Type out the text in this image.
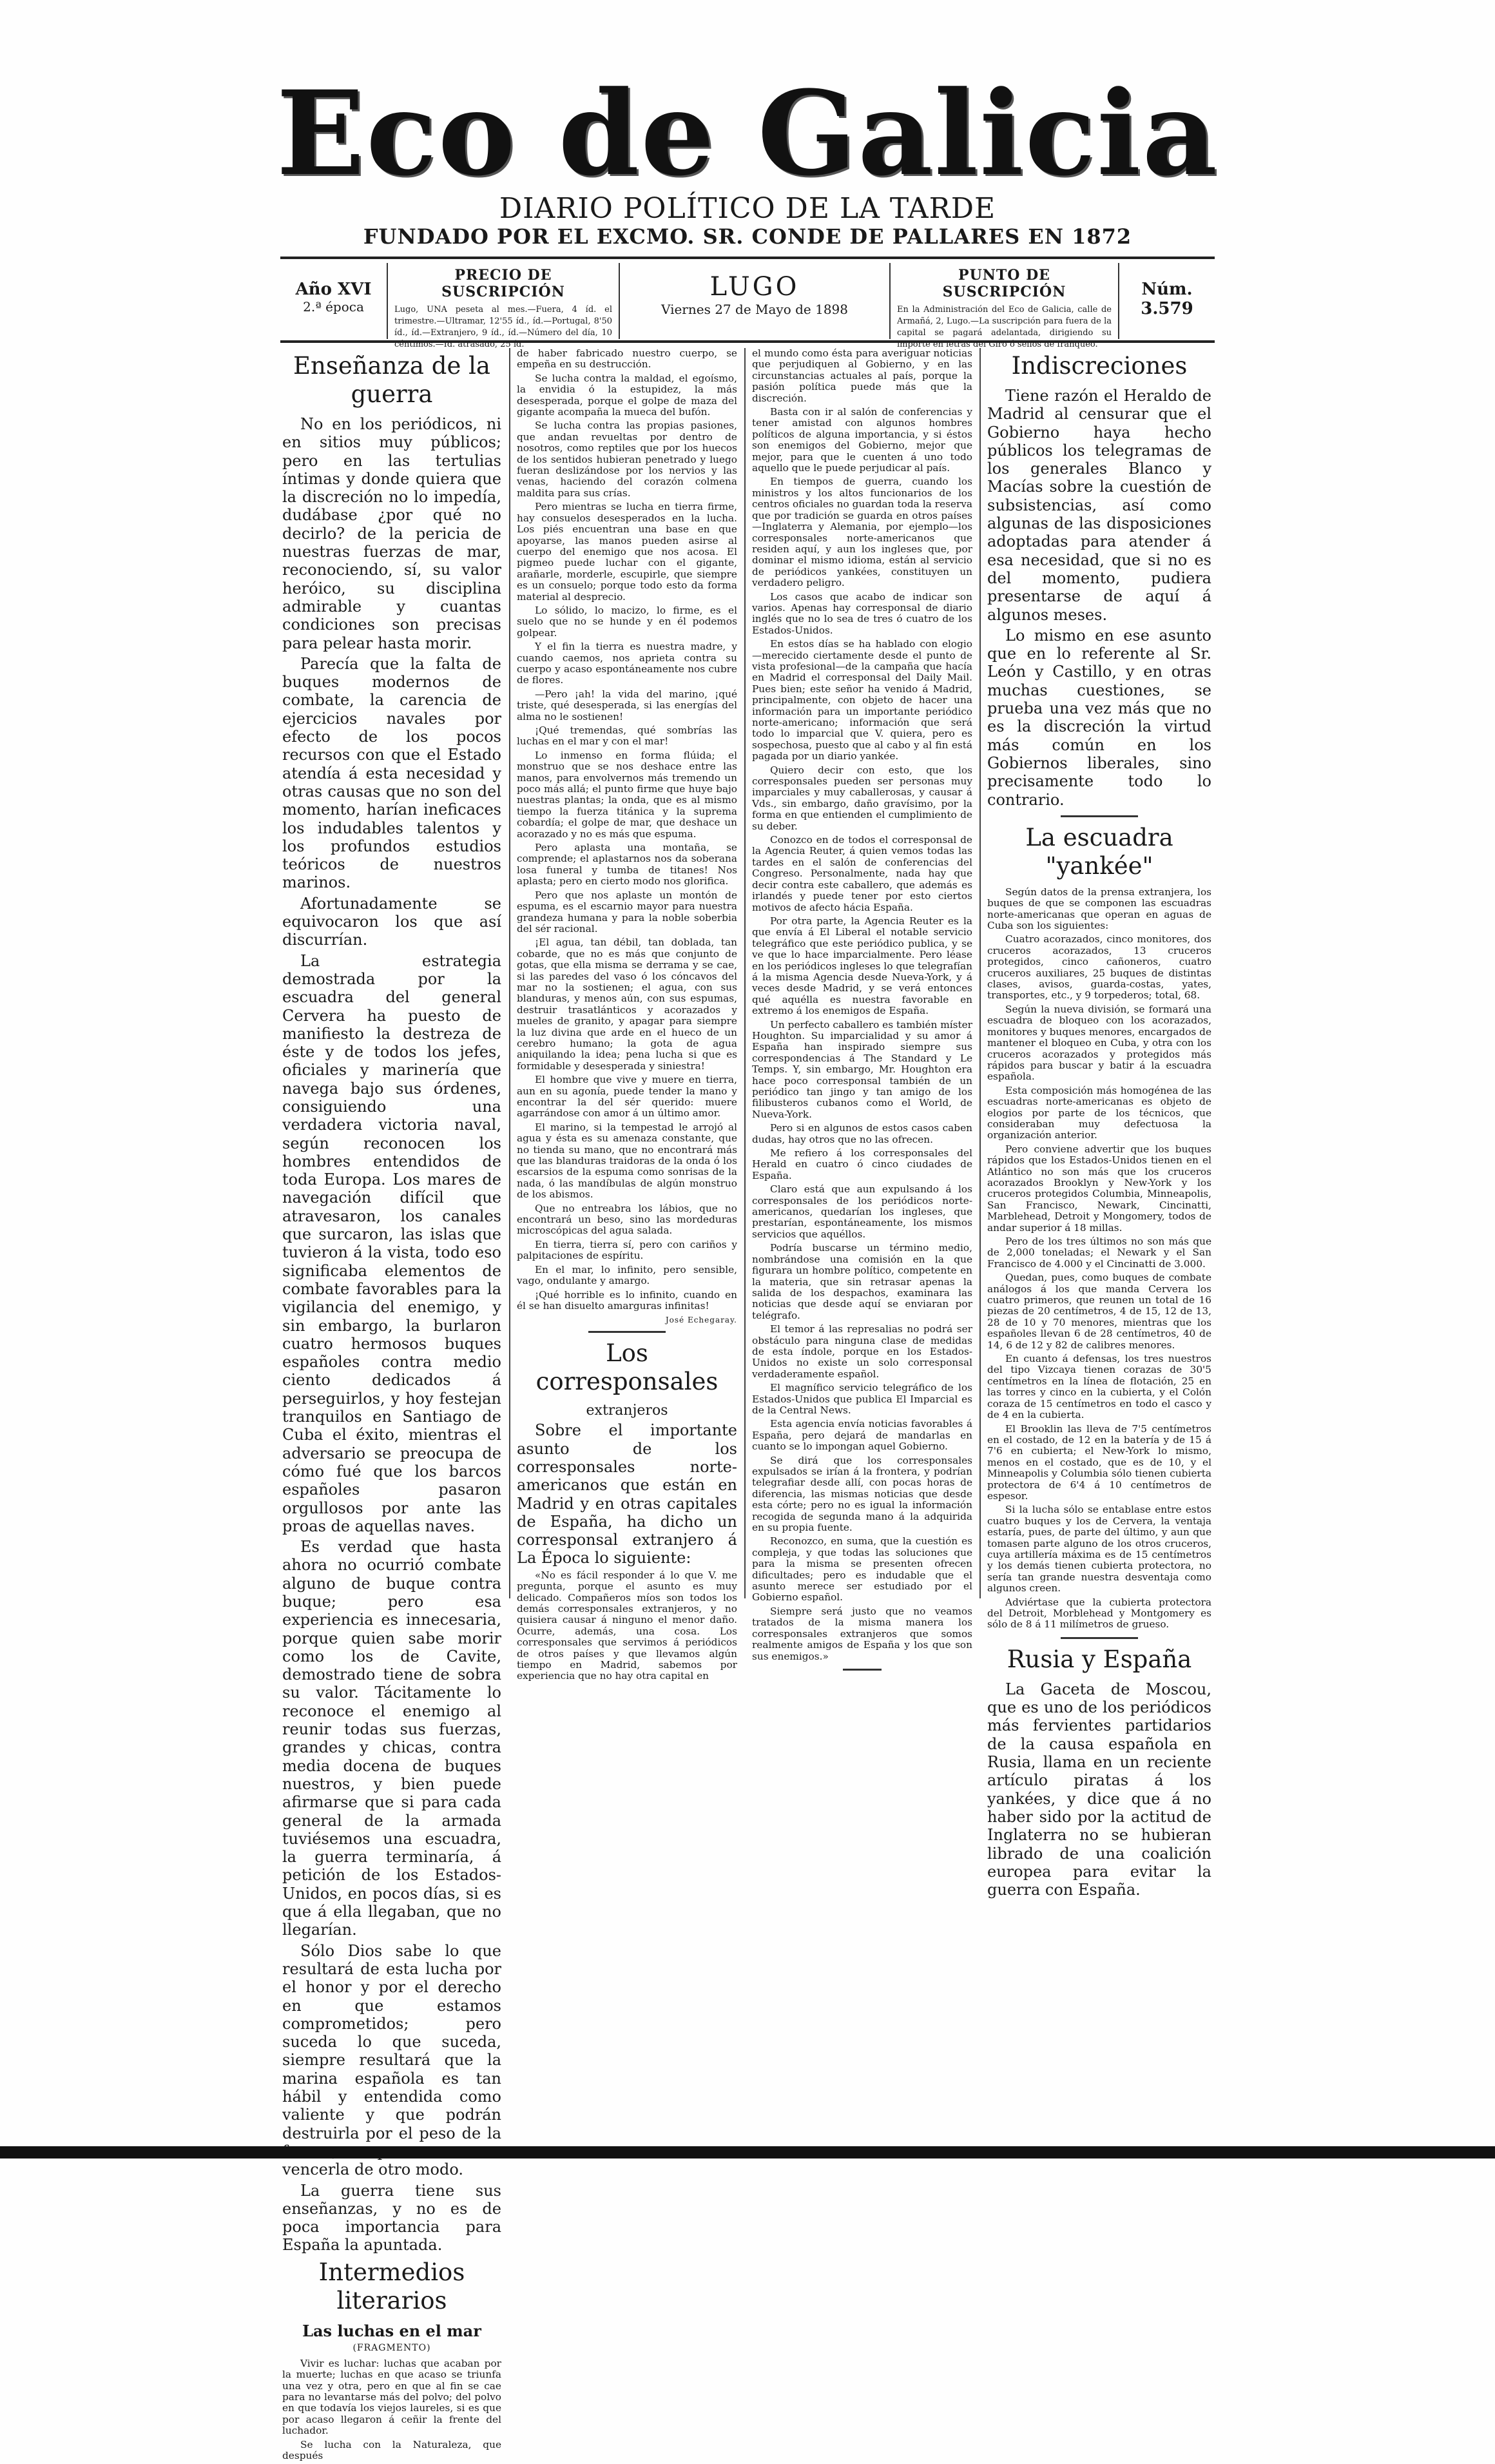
Eco de Galicia
DIARIO POLÍTICO DE LA TARDE
FUNDADO POR EL EXCMO. SR. CONDE DE PALLARES EN 1872
Año XVI
2.ª época
PRECIO DE SUSCRIPCIÓN
Lugo, UNA peseta al mes.—Fuera, 4 íd. el trimestre.—Ultramar, 12'55 íd., íd.—Portugal, 8'50 íd., íd.—Extranjero, 9 íd., íd.—Número del día, 10 céntimos.—Id. atrasado, 25 íd.
LUGO
Viernes 27 de Mayo de 1898
PUNTO DE SUSCRIPCIÓN
En la Administración del Eco de Galicia, calle de Armañá, 2, Lugo.—La suscripción para fuera de la capital se pagará adelantada, dirigiendo su importe en letras del Giro ó sellos de franqueo.
Núm. 3.579
Enseñanza de la guerra
No en los periódicos, ni en sitios muy públicos; pero en las tertulias íntimas y donde quiera que la discreción no lo impedía, dudábase ¿por qué no decirlo? de la pericia de nuestras fuerzas de mar, reconociendo, sí, su valor heróico, su disciplina admirable y cuantas condiciones son precisas para pelear hasta morir.
Parecía que la falta de buques modernos de combate, la carencia de ejercicios navales por efecto de los pocos recursos con que el Estado atendía á esta necesidad y otras causas que no son del momento, harían ineficaces los indudables talentos y los profundos estudios teóricos de nuestros marinos.
Afortunadamente se equivocaron los que así discurrían.
La estrategia demostrada por la escuadra del general Cervera ha puesto de manifiesto la destreza de éste y de todos los jefes, oficiales y marinería que navega bajo sus órdenes, consiguiendo una verdadera victoria naval, según reconocen los hombres entendidos de toda Europa. Los mares de navegación difícil que atravesaron, los canales que surcaron, las islas que tuvieron á la vista, todo eso significaba elementos de combate favorables para la vigilancia del enemigo, y sin embargo, la burlaron cuatro hermosos buques españoles contra medio ciento dedicados á perseguirlos, y hoy festejan tranquilos en Santiago de Cuba el éxito, mientras el adversario se preocupa de cómo fué que los barcos españoles pasaron orgullosos por ante las proas de aquellas naves.
Es verdad que hasta ahora no ocurrió combate alguno de buque contra buque; pero esa experiencia es innecesaria, porque quien sabe morir como los de Cavite, demostrado tiene de sobra su valor. Tácitamente lo reconoce el enemigo al reunir todas sus fuerzas, grandes y chicas, contra media docena de buques nuestros, y bien puede afirmarse que si para cada general de la armada tuviésemos una escuadra, la guerra terminaría, á petición de los Estados-Unidos, en pocos días, si es que á ella llegaban, que no llegarían.
Sólo Dios sabe lo que resultará de esta lucha por el honor y por el derecho en que estamos comprometidos; pero suceda lo que suceda, siempre resultará que la marina española es tan hábil y entendida como valiente y que podrán destruirla por el peso de la vencerla de otro modo.
La guerra tiene sus enseñanzas, y no es de poca importancia para España la apuntada.
Intermedios literarios
Las luchas en el mar
(FRAGMENTO)
Vivir es luchar: luchas que acaban por la muerte; luchas en que acaso se triunfa una vez y otra, pero en que al fin se cae para no levantarse más del polvo; del polvo en que todavía los viejos laureles, si es que por acaso llegaron á ceñir la frente del luchador.
Se lucha con la Naturaleza, que después
de haber fabricado nuestro cuerpo, se empeña en su destrucción.
Se lucha contra la maldad, el egoísmo, la envidia ó la estupidez, la más desesperada, porque el golpe de maza del gigante acompaña la mueca del bufón.
Se lucha contra las propias pasiones, que andan revueltas por dentro de nosotros, como reptiles que por los huecos de los sentidos hubieran penetrado y luego fueran deslizándose por los nervios y las venas, haciendo del corazón colmena maldita para sus crías.
Pero mientras se lucha en tierra firme, hay consuelos desesperados en la lucha. Los piés encuentran una base en que apoyarse, las manos pueden asirse al cuerpo del enemigo que nos acosa. El pigmeo puede luchar con el gigante, arañarle, morderle, escupirle, que siempre es un consuelo; porque todo esto da forma material al desprecio.
Lo sólido, lo macizo, lo firme, es el suelo que no se hunde y en él podemos golpear.
Y el fin la tierra es nuestra madre, y cuando caemos, nos aprieta contra su cuerpo y acaso espontáneamente nos cubre de flores.
—Pero ¡ah! la vida del marino, ¡qué triste, qué desesperada, si las energías del alma no le sostienen!
¡Qué tremendas, qué sombrías las luchas en el mar y con el mar!
Lo inmenso en forma flúida; el monstruo que se nos deshace entre las manos, para envolvernos más tremendo un poco más allá; el punto firme que huye bajo nuestras plantas; la onda, que es al mismo tiempo la fuerza titánica y la suprema cobardía; el golpe de mar, que deshace un acorazado y no es más que espuma.
Pero aplasta una montaña, se comprende; el aplastarnos nos da soberana losa funeral y tumba de titanes! Nos aplasta; pero en cierto modo nos glorifica.
Pero que nos aplaste un montón de espuma, es el escarnio mayor para nuestra grandeza humana y para la noble soberbia del sér racional.
¡El agua, tan débil, tan doblada, tan cobarde, que no es más que conjunto de gotas, que ella misma se derrama y se cae, si las paredes del vaso ó los cóncavos del mar no la sostienen; el agua, con sus blanduras, y menos aún, con sus espumas, destruir trasatlánticos y acorazados y mueles de granito, y apagar para siempre la luz divina que arde en el hueco de un cerebro humano; la gota de agua aniquilando la idea; pena lucha si que es formidable y desesperada y siniestra!
El hombre que vive y muere en tierra, aun en su agonía, puede tender la mano y encontrar la del sér querido: muere agarrándose con amor á un último amor.
El marino, si la tempestad le arrojó al agua y ésta es su amenaza constante, que no tienda su mano, que no encontrará más que las blanduras traidoras de la onda ó los escarsios de la espuma como sonrisas de la nada, ó las mandíbulas de algún monstruo de los abismos.
Que no entreabra los lábios, que no encontrará un beso, sino las mordeduras microscópicas del agua salada.
En tierra, tierra sí, pero con cariños y palpitaciones de espíritu.
En el mar, lo infinito, pero sensible, vago, ondulante y amargo.
¡Qué horrible es lo infinito, cuando en él se han disuelto amarguras infinitas!
José Echegaray.
Los corresponsales
extranjeros
Sobre el importante asunto de los corresponsales norte-americanos que están en Madrid y en otras capitales de España, ha dicho un corresponsal extranjero á La Época lo siguiente:
«No es fácil responder á lo que V. me pregunta, porque el asunto es muy delicado. Compañeros míos son todos los demás corresponsales extranjeros, y no quisiera causar á ninguno el menor daño. Ocurre, además, una cosa. Los corresponsales que servimos á periódicos de otros países y que llevamos algún tiempo en Madrid, sabemos por experiencia que no hay otra capital en
el mundo como ésta para averiguar noticias que perjudiquen al Gobierno, y en las circunstancias actuales al país, porque la pasión política puede más que la discreción.
Basta con ir al salón de conferencias y tener amistad con algunos hombres políticos de alguna importancia, y si éstos son enemigos del Gobierno, mejor que mejor, para que le cuenten á uno todo aquello que le puede perjudicar al país.
En tiempos de guerra, cuando los ministros y los altos funcionarios de los centros oficiales no guardan toda la reserva que por tradición se guarda en otros países—Inglaterra y Alemania, por ejemplo—los corresponsales norte-americanos que residen aquí, y aun los ingleses que, por dominar el mismo idioma, están al servicio de periódicos yankées, constituyen un verdadero peligro.
Los casos que acabo de indicar son varios. Apenas hay corresponsal de diario inglés que no lo sea de tres ó cuatro de los Estados-Unidos.
En estos días se ha hablado con elogio—merecido ciertamente desde el punto de vista profesional—de la campaña que hacía en Madrid el corresponsal del Daily Mail. Pues bien; este señor ha venido á Madrid, principalmente, con objeto de hacer una información para un importante periódico norte-americano; información que será todo lo imparcial que V. quiera, pero es sospechosa, puesto que al cabo y al fin está pagada por un diario yankée.
Quiero decir con esto, que los corresponsales pueden ser personas muy imparciales y muy caballerosas, y causar á Vds., sin embargo, daño gravísimo, por la forma en que entienden el cumplimiento de su deber.
Conozco en de todos el corresponsal de la Agencia Reuter, á quien vemos todas las tardes en el salón de conferencias del Congreso. Personalmente, nada hay que decir contra este caballero, que además es irlandés y puede tener por esto ciertos motivos de afecto hácia España.
Por otra parte, la Agencia Reuter es la que envía á El Liberal el notable servicio telegráfico que este periódico publica, y se ve que lo hace imparcialmente. Pero léase en los periódicos ingleses lo que telegrafían á la misma Agencia desde Nueva-York, y á veces desde Madrid, y se verá entonces qué aquélla es nuestra favorable en extremo á los enemigos de España.
Un perfecto caballero es también míster Houghton. Su imparcialidad y su amor á España han inspirado siempre sus correspondencias á The Standard y Le Temps. Y, sin embargo, Mr. Houghton era hace poco corresponsal también de un periódico tan jingo y tan amigo de los filibusteros cubanos como el World, de Nueva-York.
Pero si en algunos de estos casos caben dudas, hay otros que no las ofrecen.
Me refiero á los corresponsales del Herald en cuatro ó cinco ciudades de España.
Claro está que aun expulsando á los corresponsales de los periódicos norte-americanos, quedarían los ingleses, que prestarían, espontáneamente, los mismos servicios que aquéllos.
Podría buscarse un término medio, nombrándose una comisión en la que figurara un hombre político, competente en la materia, que sin retrasar apenas la salida de los despachos, examinara las noticias que desde aquí se enviaran por telégrafo.
El temor á las represalias no podrá ser obstáculo para ninguna clase de medidas de esta índole, porque en los Estados-Unidos no existe un solo corresponsal verdaderamente español.
El magnífico servicio telegráfico de los Estados-Unidos que publica El Imparcial es de la Central News.
Esta agencia envía noticias favorables á España, pero dejará de mandarlas en cuanto se lo impongan aquel Gobierno.
Se dirá que los corresponsales expulsados se irían á la frontera, y podrían telegrafiar desde allí, con pocas horas de diferencia, las mismas noticias que desde esta córte; pero no es igual la información recogida de segunda mano á la adquirida en su propia fuente.
Reconozco, en suma, que la cuestión es compleja, y que todas las soluciones que para la misma se presenten ofrecen dificultades; pero es indudable que el asunto merece ser estudiado por el Gobierno español.
Siempre será justo que no veamos tratados de la misma manera los corresponsales extranjeros que somos realmente amigos de España y los que son sus enemigos.»
Indiscreciones
Tiene razón el Heraldo de Madrid al censurar que el Gobierno haya hecho públicos los telegramas de los generales Blanco y Macías sobre la cuestión de subsistencias, así como algunas de las disposiciones adoptadas para atender á esa necesidad, que si no es del momento, pudiera presentarse de aquí á algunos meses.
Lo mismo en ese asunto que en lo referente al Sr. León y Castillo, y en otras muchas cuestiones, se prueba una vez más que no es la discreción la virtud más común en los Gobiernos liberales, sino precisamente todo lo contrario.
La escuadra "yankée"
Según datos de la prensa extranjera, los buques de que se componen las escuadras norte-americanas que operan en aguas de Cuba son los siguientes:
Cuatro acorazados, cinco monitores, dos cruceros acorazados, 13 cruceros protegidos, cinco cañoneros, cuatro cruceros auxiliares, 25 buques de distintas clases, avisos, guarda-costas, yates, transportes, etc., y 9 torpederos; total, 68.
Según la nueva división, se formará una escuadra de bloqueo con los acorazados, monitores y buques menores, encargados de mantener el bloqueo en Cuba, y otra con los cruceros acorazados y protegidos más rápidos para buscar y batir á la escuadra española.
Esta composición más homogénea de las escuadras norte-americanas es objeto de elogios por parte de los técnicos, que consideraban muy defectuosa la organización anterior.
Pero conviene advertir que los buques rápidos que los Estados-Unidos tienen en el Atlántico no son más que los cruceros acorazados Brooklyn y New-York y los cruceros protegidos Columbia, Minneapolis, San Francisco, Newark, Cincinatti, Marblehead, Detroit y Mongomery, todos de andar superior á 18 millas.
Pero de los tres últimos no son más que de 2,000 toneladas; el Newark y el San Francisco de 4.000 y el Cincinatti de 3.000.
Quedan, pues, como buques de combate análogos á los que manda Cervera los cuatro primeros, que reunen un total de 16 piezas de 20 centímetros, 4 de 15, 12 de 13, 28 de 10 y 70 menores, mientras que los españoles llevan 6 de 28 centímetros, 40 de 14, 6 de 12 y 82 de calibres menores.
En cuanto á defensas, los tres nuestros del tipo Vizcaya tienen corazas de 30'5 centímetros en la línea de flotación, 25 en las torres y cinco en la cubierta, y el Colón coraza de 15 centímetros en todo el casco y de 4 en la cubierta.
El Brooklin las lleva de 7'5 centímetros en el costado, de 12 en la batería y de 15 á 7'6 en cubierta; el New-York lo mismo, menos en el costado, que es de 10, y el Minneapolis y Columbia sólo tienen cubierta protectora de 6'4 á 10 centímetros de espesor.
Si la lucha sólo se entablase entre estos cuatro buques y los de Cervera, la ventaja estaría, pues, de parte del último, y aun que tomasen parte alguno de los otros cruceros, cuya artillería máxima es de 15 centímetros y los demás tienen cubierta protectora, no sería tan grande nuestra desventaja como algunos creen.
Adviértase que la cubierta protectora del Detroit, Morblehead y Montgomery es sólo de 8 á 11 milímetros de grueso.
Rusia y España
La Gaceta de Moscou, que es uno de los periódicos más fervientes partidarios de la causa española en Rusia, llama en un reciente artículo piratas á los yankées, y dice que á no haber sido por la actitud de Inglaterra no se hubieran librado de una coalición europea para evitar la guerra con España.
